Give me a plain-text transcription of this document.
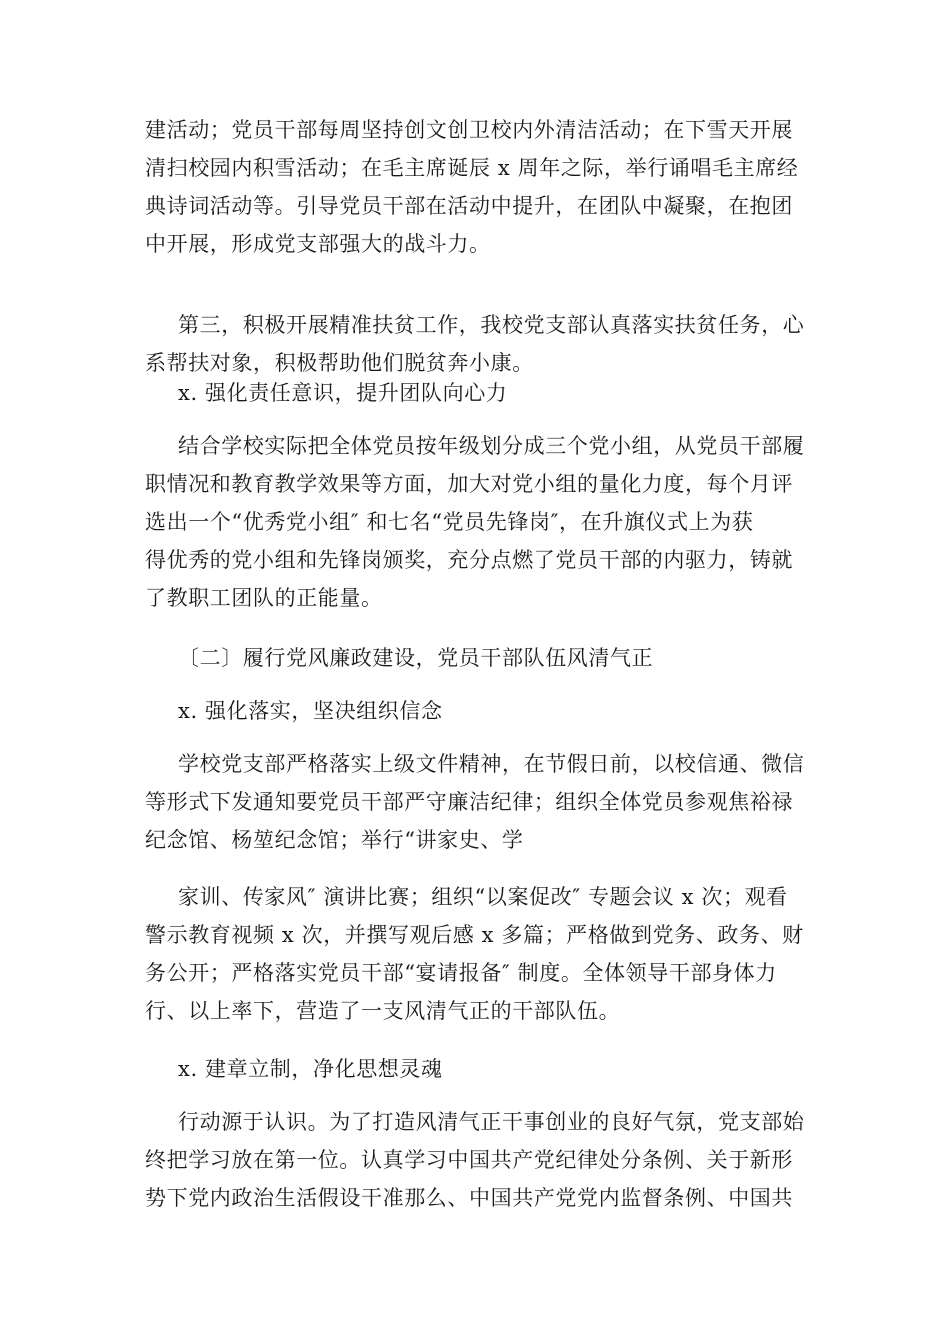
建活动；党员干部每周坚持创文创卫校内外清洁活动；在下雪天开展
清扫校园内积雪活动；在毛主席诞辰 x 周年之际，举行诵唱毛主席经
典诗词活动等。引导党员干部在活动中提升，在团队中凝聚，在抱团
中开展，形成党支部强大的战斗力。
第三，积极开展精准扶贫工作，我校党支部认真落实扶贫任务，心
系帮扶对象，积极帮助他们脱贫奔小康。
x. 强化责任意识，提升团队向心力
结合学校实际把全体党员按年级划分成三个党小组，从党员干部履
职情况和教育教学效果等方面，加大对党小组的量化力度，每个月评
选出一个“优秀党小组″ 和七名“党员先锋岗″，在升旗仪式上为获
得优秀的党小组和先锋岗颁奖，充分点燃了党员干部的内驱力，铸就
了教职工团队的正能量。
〔二〕履行党风廉政建设，党员干部队伍风清气正
x. 强化落实，坚决组织信念
学校党支部严格落实上级文件精神，在节假日前，以校信通、微信
等形式下发通知要党员干部严守廉洁纪律；组织全体党员参观焦裕禄
纪念馆、杨堃纪念馆；举行“讲家史、学
家训、传家风″ 演讲比赛；组织“以案促改″ 专题会议 x 次；观看
警示教育视频 x 次，并撰写观后感 x 多篇；严格做到党务、政务、财
务公开；严格落实党员干部“宴请报备″ 制度。全体领导干部身体力
行、以上率下，营造了一支风清气正的干部队伍。
x. 建章立制，净化思想灵魂
行动源于认识。为了打造风清气正干事创业的良好气氛，党支部始
终把学习放在第一位。认真学习中国共产党纪律处分条例、关于新形
势下党内政治生活假设干准那么、中国共产党党内监督条例、中国共
